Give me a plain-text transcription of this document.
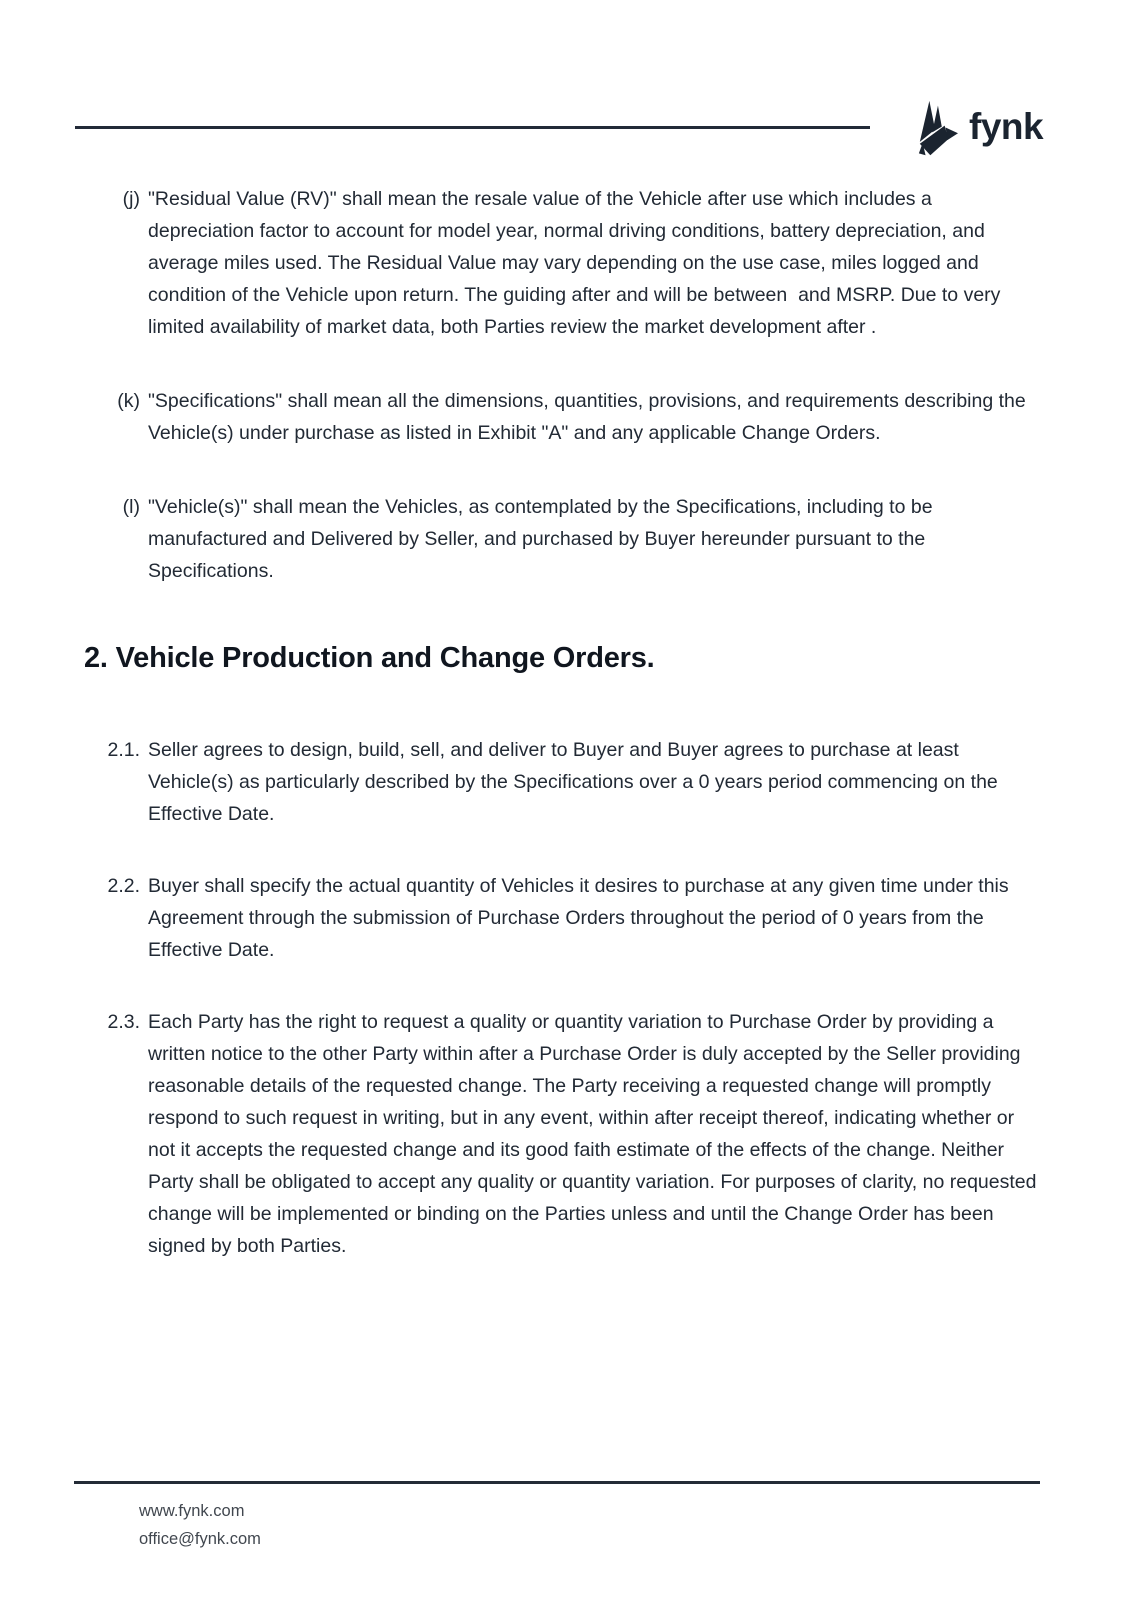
fynk
(j) "Residual Value (RV)" shall mean the resale value of the Vehicle after use which includes a depreciation factor to account for model year, normal driving conditions, battery depreciation, and average miles used. The Residual Value may vary depending on the use case, miles logged and condition of the Vehicle upon return. The guiding after and will be between  and MSRP. Due to very limited availability of market data, both Parties review the market development after .
(k) "Specifications" shall mean all the dimensions, quantities, provisions, and requirements describing the Vehicle(s) under purchase as listed in Exhibit "A" and any applicable Change Orders.
(l) "Vehicle(s)" shall mean the Vehicles, as contemplated by the Specifications, including to be manufactured and Delivered by Seller, and purchased by Buyer hereunder pursuant to the Specifications.
2. Vehicle Production and Change Orders.
2.1. Seller agrees to design, build, sell, and deliver to Buyer and Buyer agrees to purchase at least Vehicle(s) as particularly described by the Specifications over a 0 years period commencing on the Effective Date.
2.2. Buyer shall specify the actual quantity of Vehicles it desires to purchase at any given time under this Agreement through the submission of Purchase Orders throughout the period of 0 years from the Effective Date.
2.3. Each Party has the right to request a quality or quantity variation to Purchase Order by providing a written notice to the other Party within after a Purchase Order is duly accepted by the Seller providing reasonable details of the requested change. The Party receiving a requested change will promptly respond to such request in writing, but in any event, within after receipt thereof, indicating whether or not it accepts the requested change and its good faith estimate of the effects of the change. Neither Party shall be obligated to accept any quality or quantity variation. For purposes of clarity, no requested change will be implemented or binding on the Parties unless and until the Change Order has been signed by both Parties.
www.fynk.com
office@fynk.com
